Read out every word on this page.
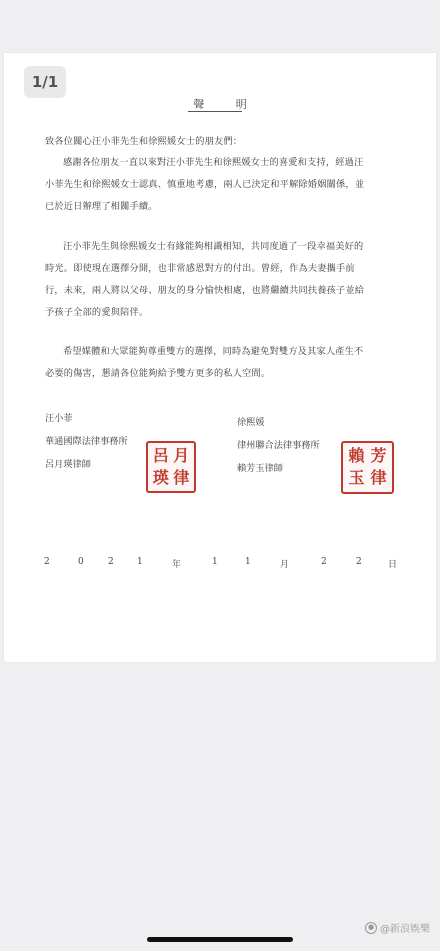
1/1
聲 明
致各位關心汪小菲先生和徐熙媛女士的朋友們：
感謝各位朋友一直以來對汪小菲先生和徐熙媛女士的喜愛和支持，經過汪
小菲先生和徐熙媛女士認真、慎重地考慮，兩人已決定和平解除婚姻關係，並
已於近日辦理了相關手續。
汪小菲先生與徐熙媛女士有緣能夠相識相知，共同度過了一段幸福美好的
時光。即使現在選擇分開，也非常感恩對方的付出。曾經，作為夫妻攜手前
行，未來，兩人將以父母、朋友的身分愉快相處，也將繼續共同扶養孩子並給
予孩子全部的愛與陪伴。
希望媒體和大眾能夠尊重雙方的選擇，同時為避免對雙方及其家人產生不
必要的傷害，懇請各位能夠給予雙方更多的私人空間。
汪小菲
華通國際法律事務所
呂月瑛律師	呂 月
瑛 律
徐熙媛
律州聯合法律事務所
賴芳玉律師
賴 芳
玉 律
2	0	2	1	年	1	1	月	2	2	日
● @新浪娛樂
